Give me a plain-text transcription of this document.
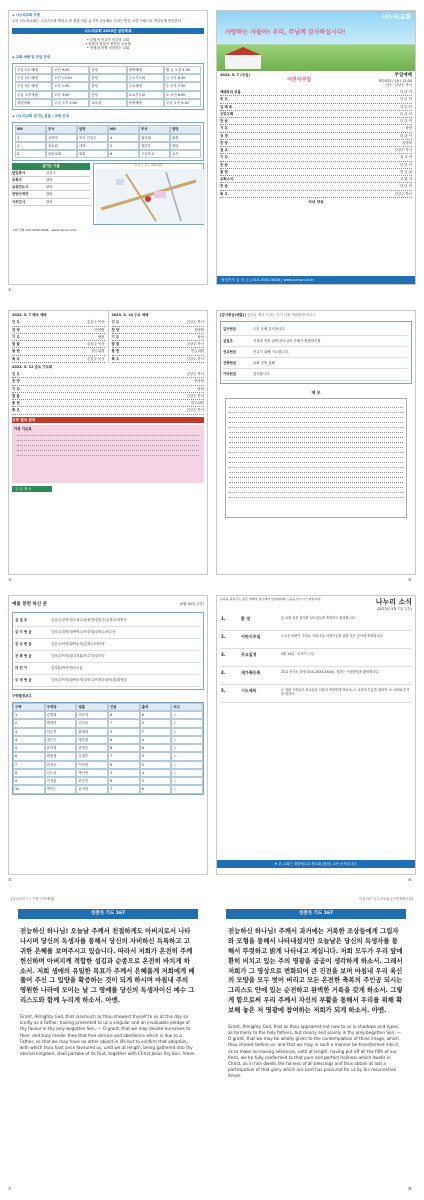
◈ 나누리교회 사명
우리 나누리교회는 그리스도를 머리로 한 몸을 이룬 유기적 공동체로 우리는 믿음 소망 사랑으로 하나님께 헌신한다.
나누리교회 2023년 실천목표
• 모범적 선교적 섬김의 교회
• 말씀과 성령의 충만한 공동체
• 전세대 함께 성장하는 교회
◈ 교회 예배 및 모임 안내
주일 1부 예배	오전 9:00	본당	새벽예배	월-금 오전 5:30
주일 2부 예배	오전 11:00	본당	금요기도회	금 오후 8:30
주일 3부 예배	오후 1:30	본당	수요예배	수 오후 7:30
주일 오후예배	오후 3:00	본당	토요기도회	토 오전 6:00
청년예배	주일 오후 2:00	교육관	학생예배	주일 오전 9:30
◈ 나누리교회 섬기는 분들 / 교회 안내
NO	부서	담당	NO	부서	담당
1	교역자	목사 김상주	4	권사회	회장
2	장로회	대표	5	청년부	담당
3	남선교회	회장	6	주일학교	교사
섬기는 이들
담임목사	김상주
부목사	담당
교육전도사	담당
찬양사역자	담당
사무간사	담당
오시는 길 / 교회 위치
교회 전화 010-3542-5006 · www.nanuri.or.kr
①
나누리교회
사랑하는 자들아! 우리, 주님께 감사하십시다!
2023. 5. 7 (주일)
어린이주일
주일예배
제 2023 / 19 / 11:00
인도: 김상주 목사
예배로의 부름	다 같 이
묵 도	다 같 이
입 례 송	다 같 이
신앙고백	다 같 이
찬 송	다 같 이
기 도	담당
성 경	다 같 이
찬 양	찬양대
설 교	김상주 목사
기 도	설 교 자
찬 송	다 같 이
봉 헌	헌 금 위
교회소식	사 회 자
찬 송	다 같 이
축 도	김상주 목사
자녀 양육
담임목사 김 상 주 | 010-3542-5006 | www.nanuri.or.kr
2023. 5. 7 테마 예배
인 도	김상주 목사
찬 양	찬양팀
기 도	담당
말 씀	김상주 목사
봉 헌	헌금위원
축 도	김상주 목사
2023. 5. 10 수요 예배
인 도	김상주 목사
찬 양	찬양팀
기 도	담당
말 씀	김상주 목사
봉 헌	헌금위원
축 도	김상주 목사
2023. 5. 12 금요 기도회
인 도	김상주 목사
찬 양	찬양팀
기 도	담당
말 씀	김상주 목사
봉 헌	헌금위원
축 도	김상주 목사
교회 결석 관리
가정 기도표
주 님 께 서
③
[감사헌금(예물)] 감사로 제사 드리는 자가 나를 영화롭게 하나니
감사헌금	주님 은혜 감사합니다.
십일조	가정과 직장 위에 하나님의 은혜가 충만하기를
선교헌금	선교지 위해 기도합니다.
건축헌금	교회 건축 위해
기타헌금	감사합니다.
메 모
④
예물 봉헌 하신 분	(4월 30일 주간)
십 일 조	김상주/김영미/주용수/윤희연/김영주/김정우/정명진
감 사 헌 금	김상주/김영미/박영주/이순희/김영수/이수영
선 교 헌 금	김상주/이영희/박순자/김정수/이미영
건 축 헌 금	김상주/이영희/김정훈/이수진/김미숙
어 린 이	김지훈/박서연/이도윤
주 정 헌 금	김상주/이영희/박순자/김영수/이정숙/윤미경/최영철
구역별정보고
구역	구역장	권찰	인원	출석	비고
1	김영희	이순자	8	6	○
2	박정미	김미숙	7	5	○
3	이수진	최영희	9	7	○
4	정은주	박순희	6	4	○
5	윤미경	한정숙	8	6	○
6	최영철	김정수	7	5	○
7	한정호	이미영	6	5	○
8	김도윤	박서연	5	4	○
9	이정훈	최수진	6	5	○
10	박민수	윤지영	7	6	○
⑤
등록을 원하시는 분은 예배당 입구에서 안내위원의 도움을 받으시기 바랍니다.	나누리 소식
(2023년 5월 7일 주간)
1.	환 영	본 교회 처음 출석한 성도님들을 축복하고 환영합니다.
2.	어린이주일	오늘은 어린이 주일로 지킵니다. 어린이들을 위한 모든 순서에 축복합니다.
3.	주요일정	5월 14일 - 어버이 주일
4.	새가족등록	23-2 전가소 학생 (010-2925-XXXX), 청하는 이정현님을 환영합니다.
5.	기도제목	① 저희 가정들이 하나님과 더불어 축복받게 하소서. ② 교회의 부흥을 위하여. ③ 나라와 민족을 위하여.
※ 본 교회는 대한예수교 장로회 (합동) 교단 소속입니다.
⑥
[성교요약 7 / 가정 구역예배]
성찬식 기도 167
전능하신 하나님! 오늘날 주께서 친절하게도 아버지로서 나타나시며 당신의 독생자를 통해서 당신의 자비하신 독특하고 고귀한 은혜를 보여주시고 있습니다. 따라서 저희가 온전히 주께 헌신하며 아버지께 적합한 섬김과 순종으로 온전히 바치게 하소서. 저희 생애의 유일한 목표가 주께서 은혜롭게 저희에게 베풀어 주신 그 입양을 확증하는 것이 되게 하시며 마침내 주의 영원한 나라에 모이는 날 그 영예를 당신의 독생자이신 예수 그리스도와 함께 누리게 하소서. 아멘.
Grant, Almighty God, that inasmuch as thou showest thyself to us at this day so kindly as a Father, having presented to us a singular and an invaluable pledge of thy favour in thy only-begotten Son, — O grant, that we may devote ourselves to thee, and truly render thee that free service and obedience which is due to a Father, so that we may have no other object in life but to confirm that adoption, with which thou hast once favoured us, until we at length, being gathered into thy eternal kingdom, shall partake of its fruit, together with Christ Jesus thy Son. Amen.
⑦
아름다운 나누리교회 [구역예배공과]
성찬식 기도 167
전능하신 하나님! 주께서 과거에는 거룩한 조상들에게 그림자와 모형을 통해서 나타내셨지만 오늘날은 당신의 독생자를 통해서 뚜렷하고 밝게 나타내고 계십니다. 저희 모두가 우리 앞에 환히 비치고 있는 주의 영광을 곰곰이 생각하게 하소서. 그래서 저희가 그 영상으로 변화되어 큰 진전을 보며 마침내 우리 육신의 모양을 모두 벗어 버리고 모든 온전한 축복의 주인공 되시는 그리스도 안에 있는 순전하고 완벽한 거룩을 갖게 하소서. 그렇게 함으로써 우리 주께서 자신의 부활을 통해서 우리를 위해 확보해 놓은 저 영광에 참여하는 저희가 되게 하소서. 아멘.
Grant, Almighty God, that as thou appearest not now to us in shadows and types, as formerly to the holy fathers, but clearly and plainly in thy only-begotten Son, — O grant, that we may be wholly given to the contemplation of thine image, which thou shinest before us: and that we may in such a manner be transformed into it, as to make increasing advances, until at length, having put off all the filth of our flesh, we be fully conformed to that pure and perfect holiness which dwells in Christ, as in him dwells the fulness of all blessings and thus obtain at last a participation of that glory which our Lord has procured for us by his resurrection. Amen.
⑧
